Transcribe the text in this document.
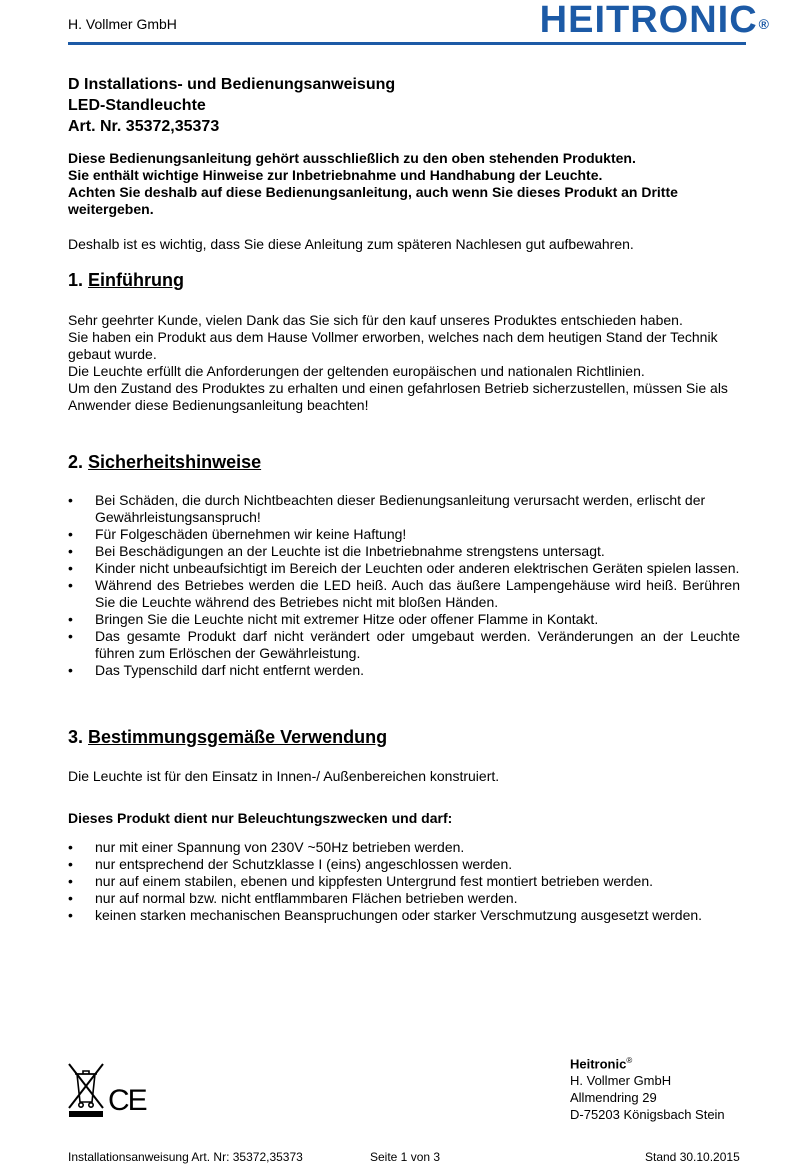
H. Vollmer GmbH	HEITRONIC®
D Installations- und Bedienungsanweisung
LED-Standleuchte
Art. Nr. 35372,35373
Diese Bedienungsanleitung gehört ausschließlich zu den oben stehenden Produkten.
Sie enthält wichtige Hinweise zur Inbetriebnahme und Handhabung der Leuchte.
Achten Sie deshalb auf diese Bedienungsanleitung, auch wenn Sie dieses Produkt an Dritte weitergeben.
Deshalb ist es wichtig, dass Sie diese Anleitung zum späteren Nachlesen gut aufbewahren.
1. Einführung
Sehr geehrter Kunde, vielen Dank das Sie sich für den kauf unseres Produktes entschieden haben.
Sie haben ein Produkt aus dem Hause Vollmer erworben, welches nach dem heutigen Stand der Technik gebaut wurde.
Die Leuchte erfüllt die Anforderungen der geltenden europäischen und nationalen Richtlinien.
Um den Zustand des Produktes zu erhalten und einen gefahrlosen Betrieb sicherzustellen, müssen Sie als Anwender diese Bedienungsanleitung beachten!
2. Sicherheitshinweise
• Bei Schäden, die durch Nichtbeachten dieser Bedienungsanleitung verursacht werden, erlischt der Gewährleistungsanspruch!
• Für Folgeschäden übernehmen wir keine Haftung!
• Bei Beschädigungen an der Leuchte ist die Inbetriebnahme strengstens untersagt.
• Kinder nicht unbeaufsichtigt im Bereich der Leuchten oder anderen elektrischen Geräten spielen lassen.
• Während des Betriebes werden die LED heiß. Auch das äußere Lampengehäuse wird heiß. Berühren Sie die Leuchte während des Betriebes nicht mit bloßen Händen.
• Bringen Sie die Leuchte nicht mit extremer Hitze oder offener Flamme in Kontakt.
• Das gesamte Produkt darf nicht verändert oder umgebaut werden. Veränderungen an der Leuchte führen zum Erlöschen der Gewährleistung.
• Das Typenschild darf nicht entfernt werden.
3. Bestimmungsgemäße Verwendung
Die Leuchte ist für den Einsatz in Innen-/ Außenbereichen konstruiert.
Dieses Produkt dient nur Beleuchtungszwecken und darf:
• nur mit einer Spannung von 230V ~50Hz betrieben werden.
• nur entsprechend der Schutzklasse I (eins) angeschlossen werden.
• nur auf einem stabilen, ebenen und kippfesten Untergrund fest montiert betrieben werden.
• nur auf normal bzw. nicht entflammbaren Flächen betrieben werden.
• keinen starken mechanischen Beanspruchungen oder starker Verschmutzung ausgesetzt werden.
Heitronic®
H. Vollmer GmbH
Allmendring 29
D-75203 Königsbach Stein
CE
Installationsanweisung Art. Nr: 35372,35373	Seite 1 von 3	Stand 30.10.2015
